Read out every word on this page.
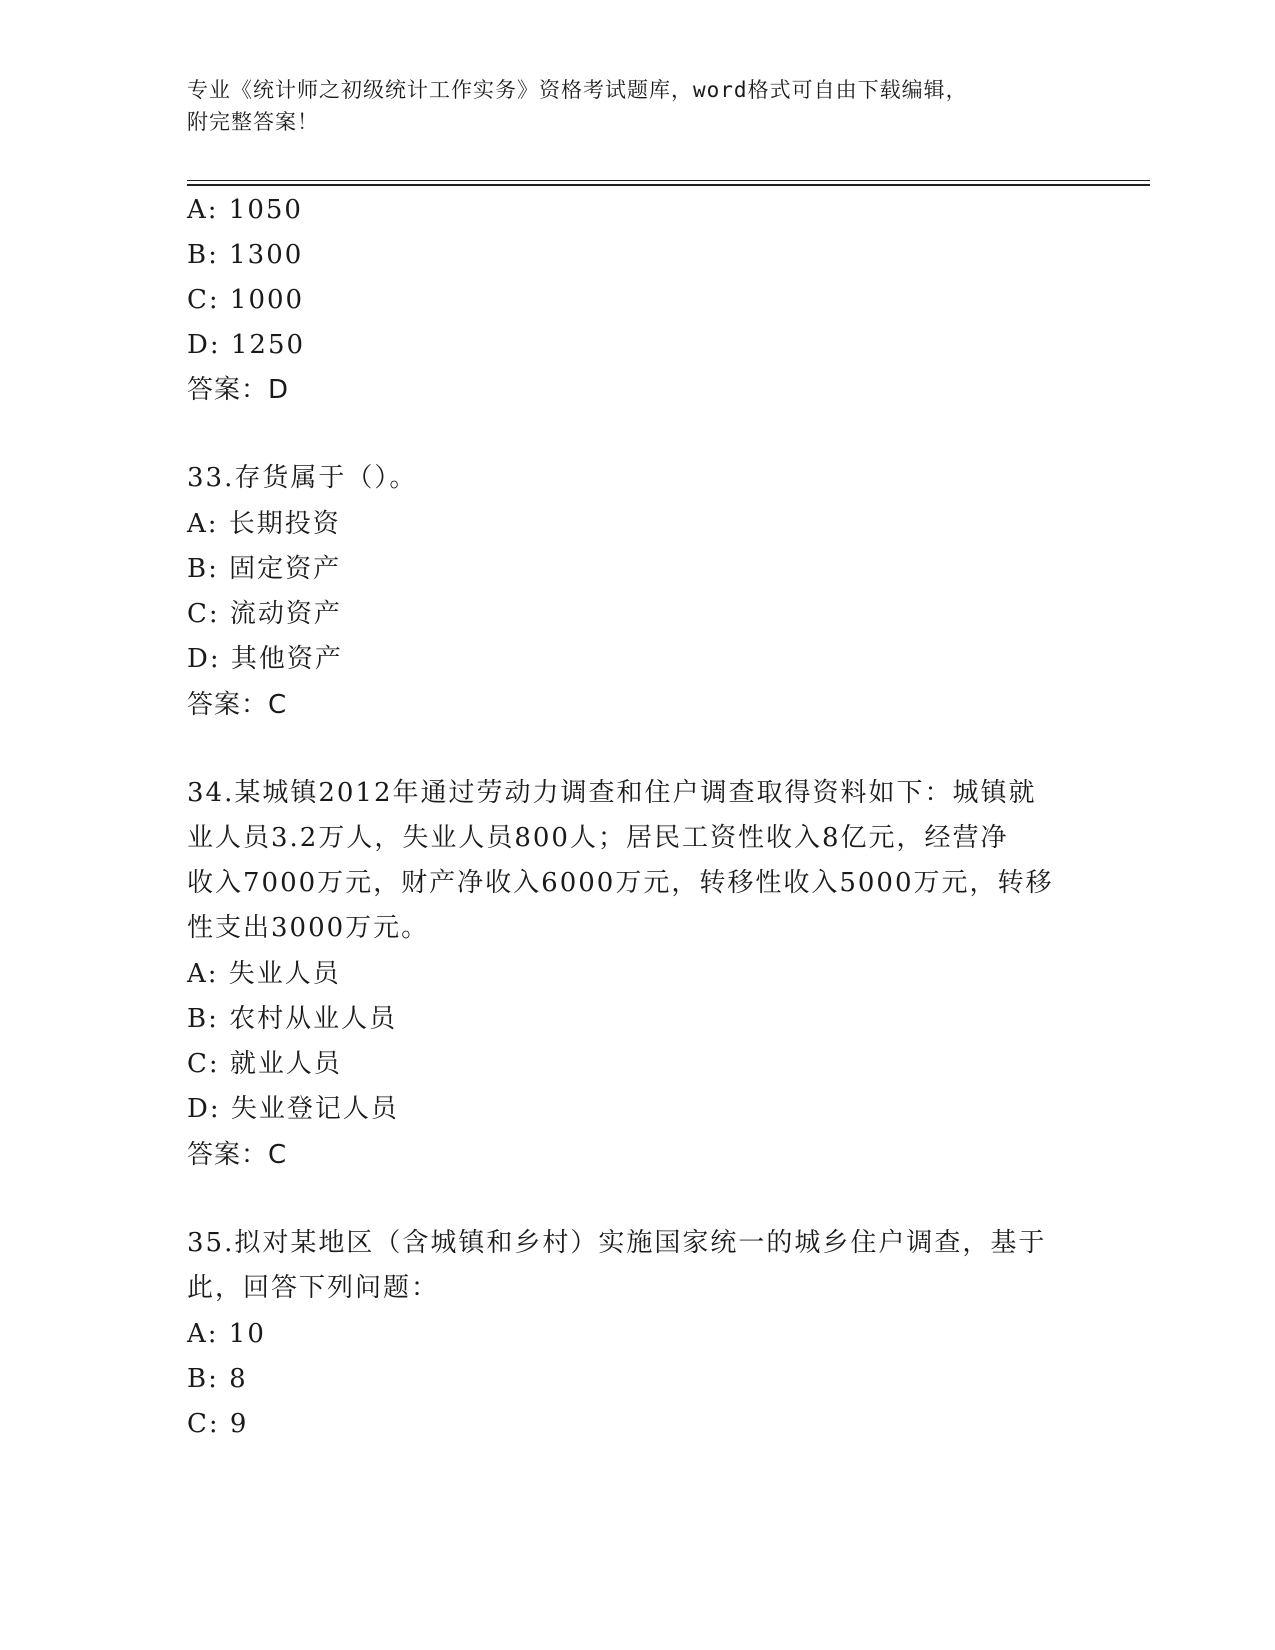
专业《统计师之初级统计工作实务》资格考试题库，word格式可自由下载编辑，
附完整答案！
A: 1050
B: 1300
C: 1000
D: 1250
答案：D
33.存货属于（）。
A: 长期投资
B: 固定资产
C: 流动资产
D: 其他资产
答案：C
34.某城镇2012年通过劳动力调查和住户调查取得资料如下：城镇就
业人员3.2万人，失业人员800人；居民工资性收入8亿元，经营净
收入7000万元，财产净收入6000万元，转移性收入5000万元，转移
性支出3000万元。
A: 失业人员
B: 农村从业人员
C: 就业人员
D: 失业登记人员
答案：C
35.拟对某地区（含城镇和乡村）实施国家统一的城乡住户调查，基于
此，回答下列问题：
A: 10
B: 8
C: 9
